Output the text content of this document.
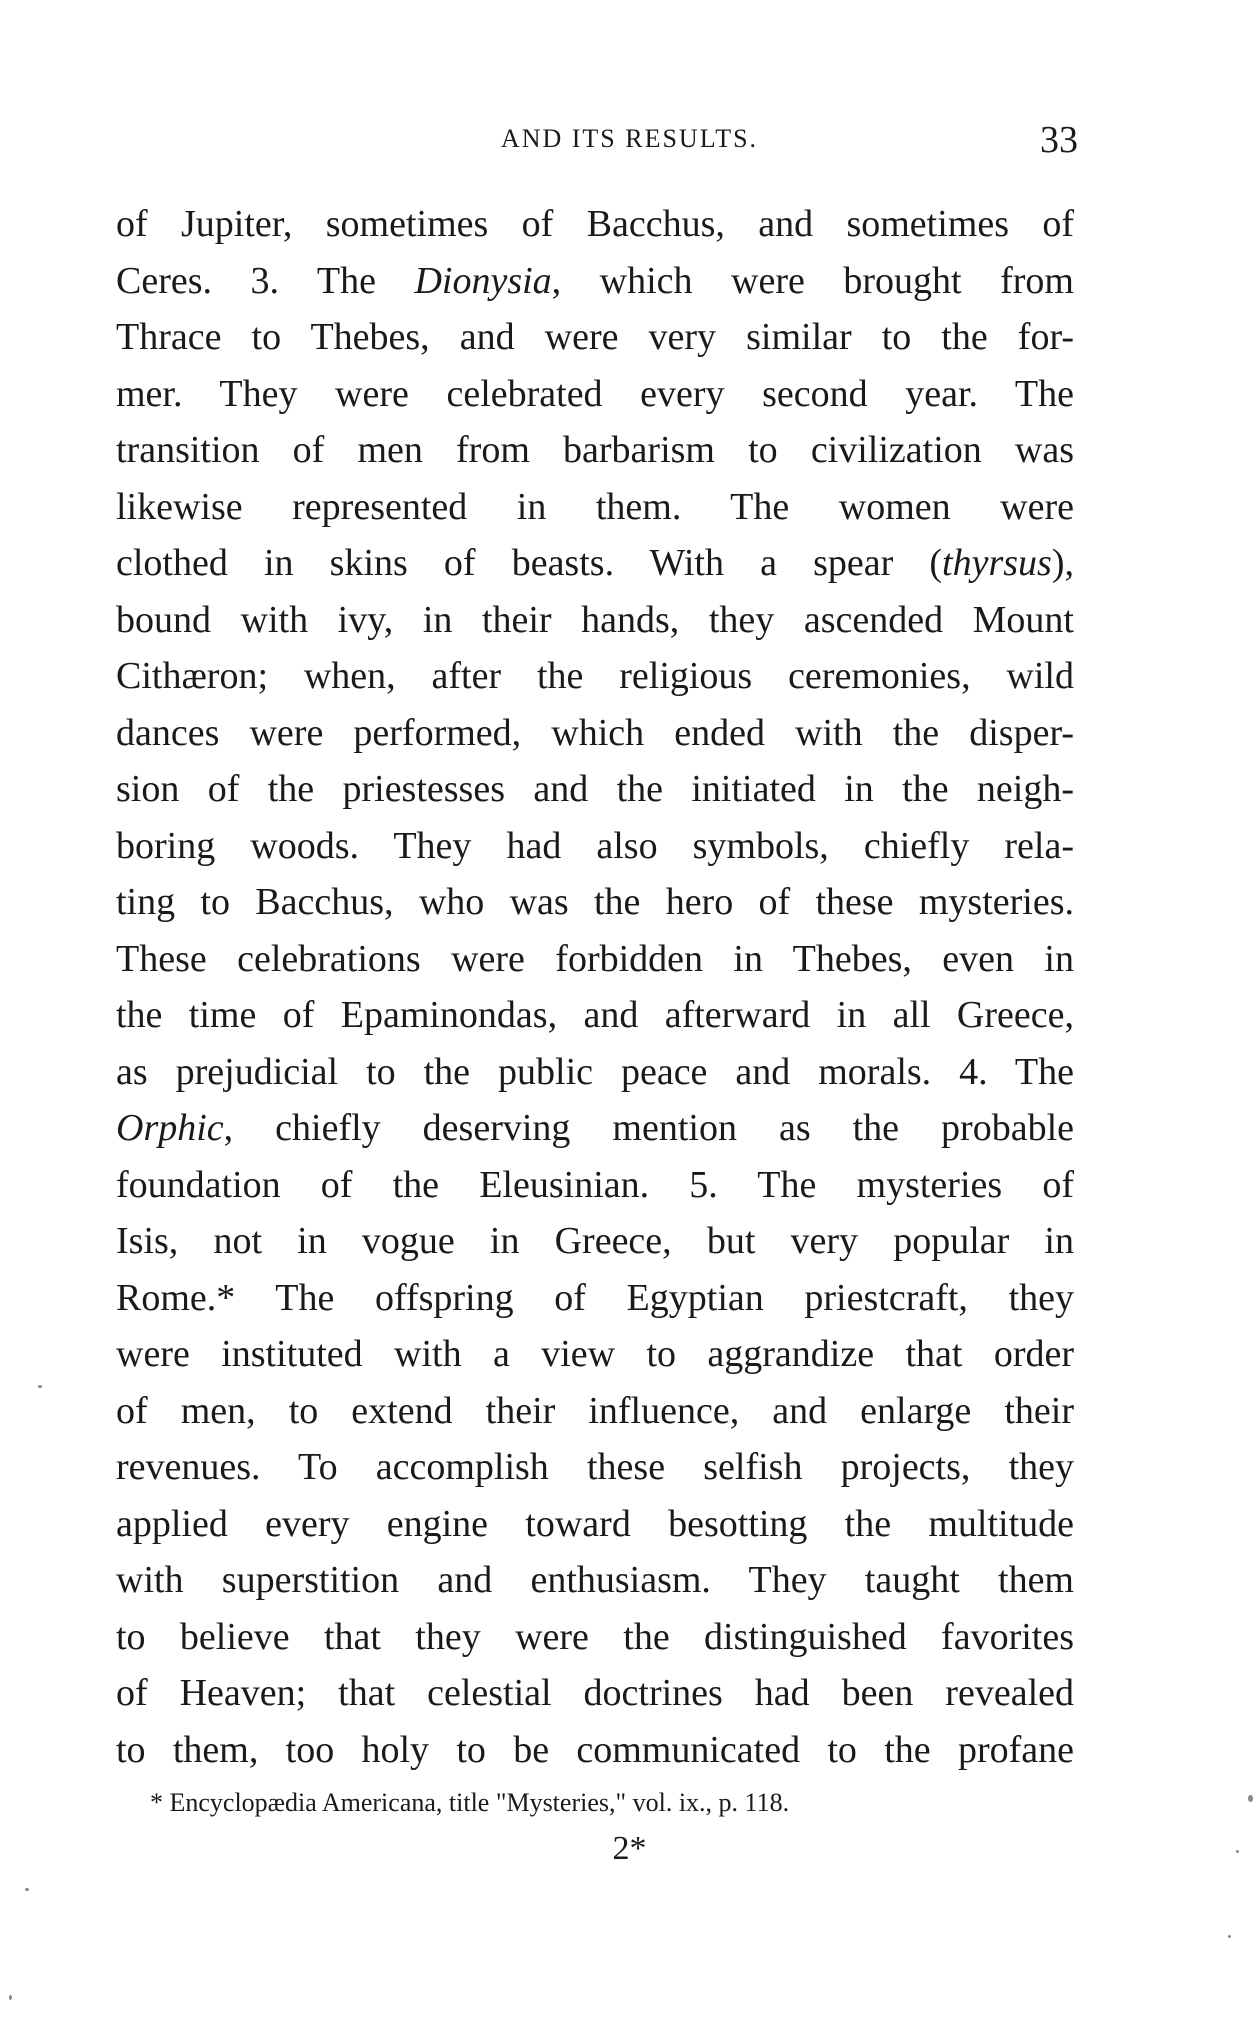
AND ITS RESULTS.	33
of Jupiter, sometimes of Bacchus, and sometimes of
Ceres. 3. The Dionysia, which were brought from
Thrace to Thebes, and were very similar to the for-
mer. They were celebrated every second year. The
transition of men from barbarism to civilization was
likewise represented in them. The women were
clothed in skins of beasts. With a spear (thyrsus),
bound with ivy, in their hands, they ascended Mount
Cithæron; when, after the religious ceremonies, wild
dances were performed, which ended with the disper-
sion of the priestesses and the initiated in the neigh-
boring woods. They had also symbols, chiefly rela-
ting to Bacchus, who was the hero of these mysteries.
These celebrations were forbidden in Thebes, even in
the time of Epaminondas, and afterward in all Greece,
as prejudicial to the public peace and morals. 4. The
Orphic, chiefly deserving mention as the probable
foundation of the Eleusinian. 5. The mysteries of
Isis, not in vogue in Greece, but very popular in
Rome.* The offspring of Egyptian priestcraft, they
were instituted with a view to aggrandize that order
of men, to extend their influence, and enlarge their
revenues. To accomplish these selfish projects, they
applied every engine toward besotting the multitude
with superstition and enthusiasm. They taught them
to believe that they were the distinguished favorites
of Heaven; that celestial doctrines had been revealed
to them, too holy to be communicated to the profane
* Encyclopædia Americana, title "Mysteries," vol. ix., p. 118.
2*
